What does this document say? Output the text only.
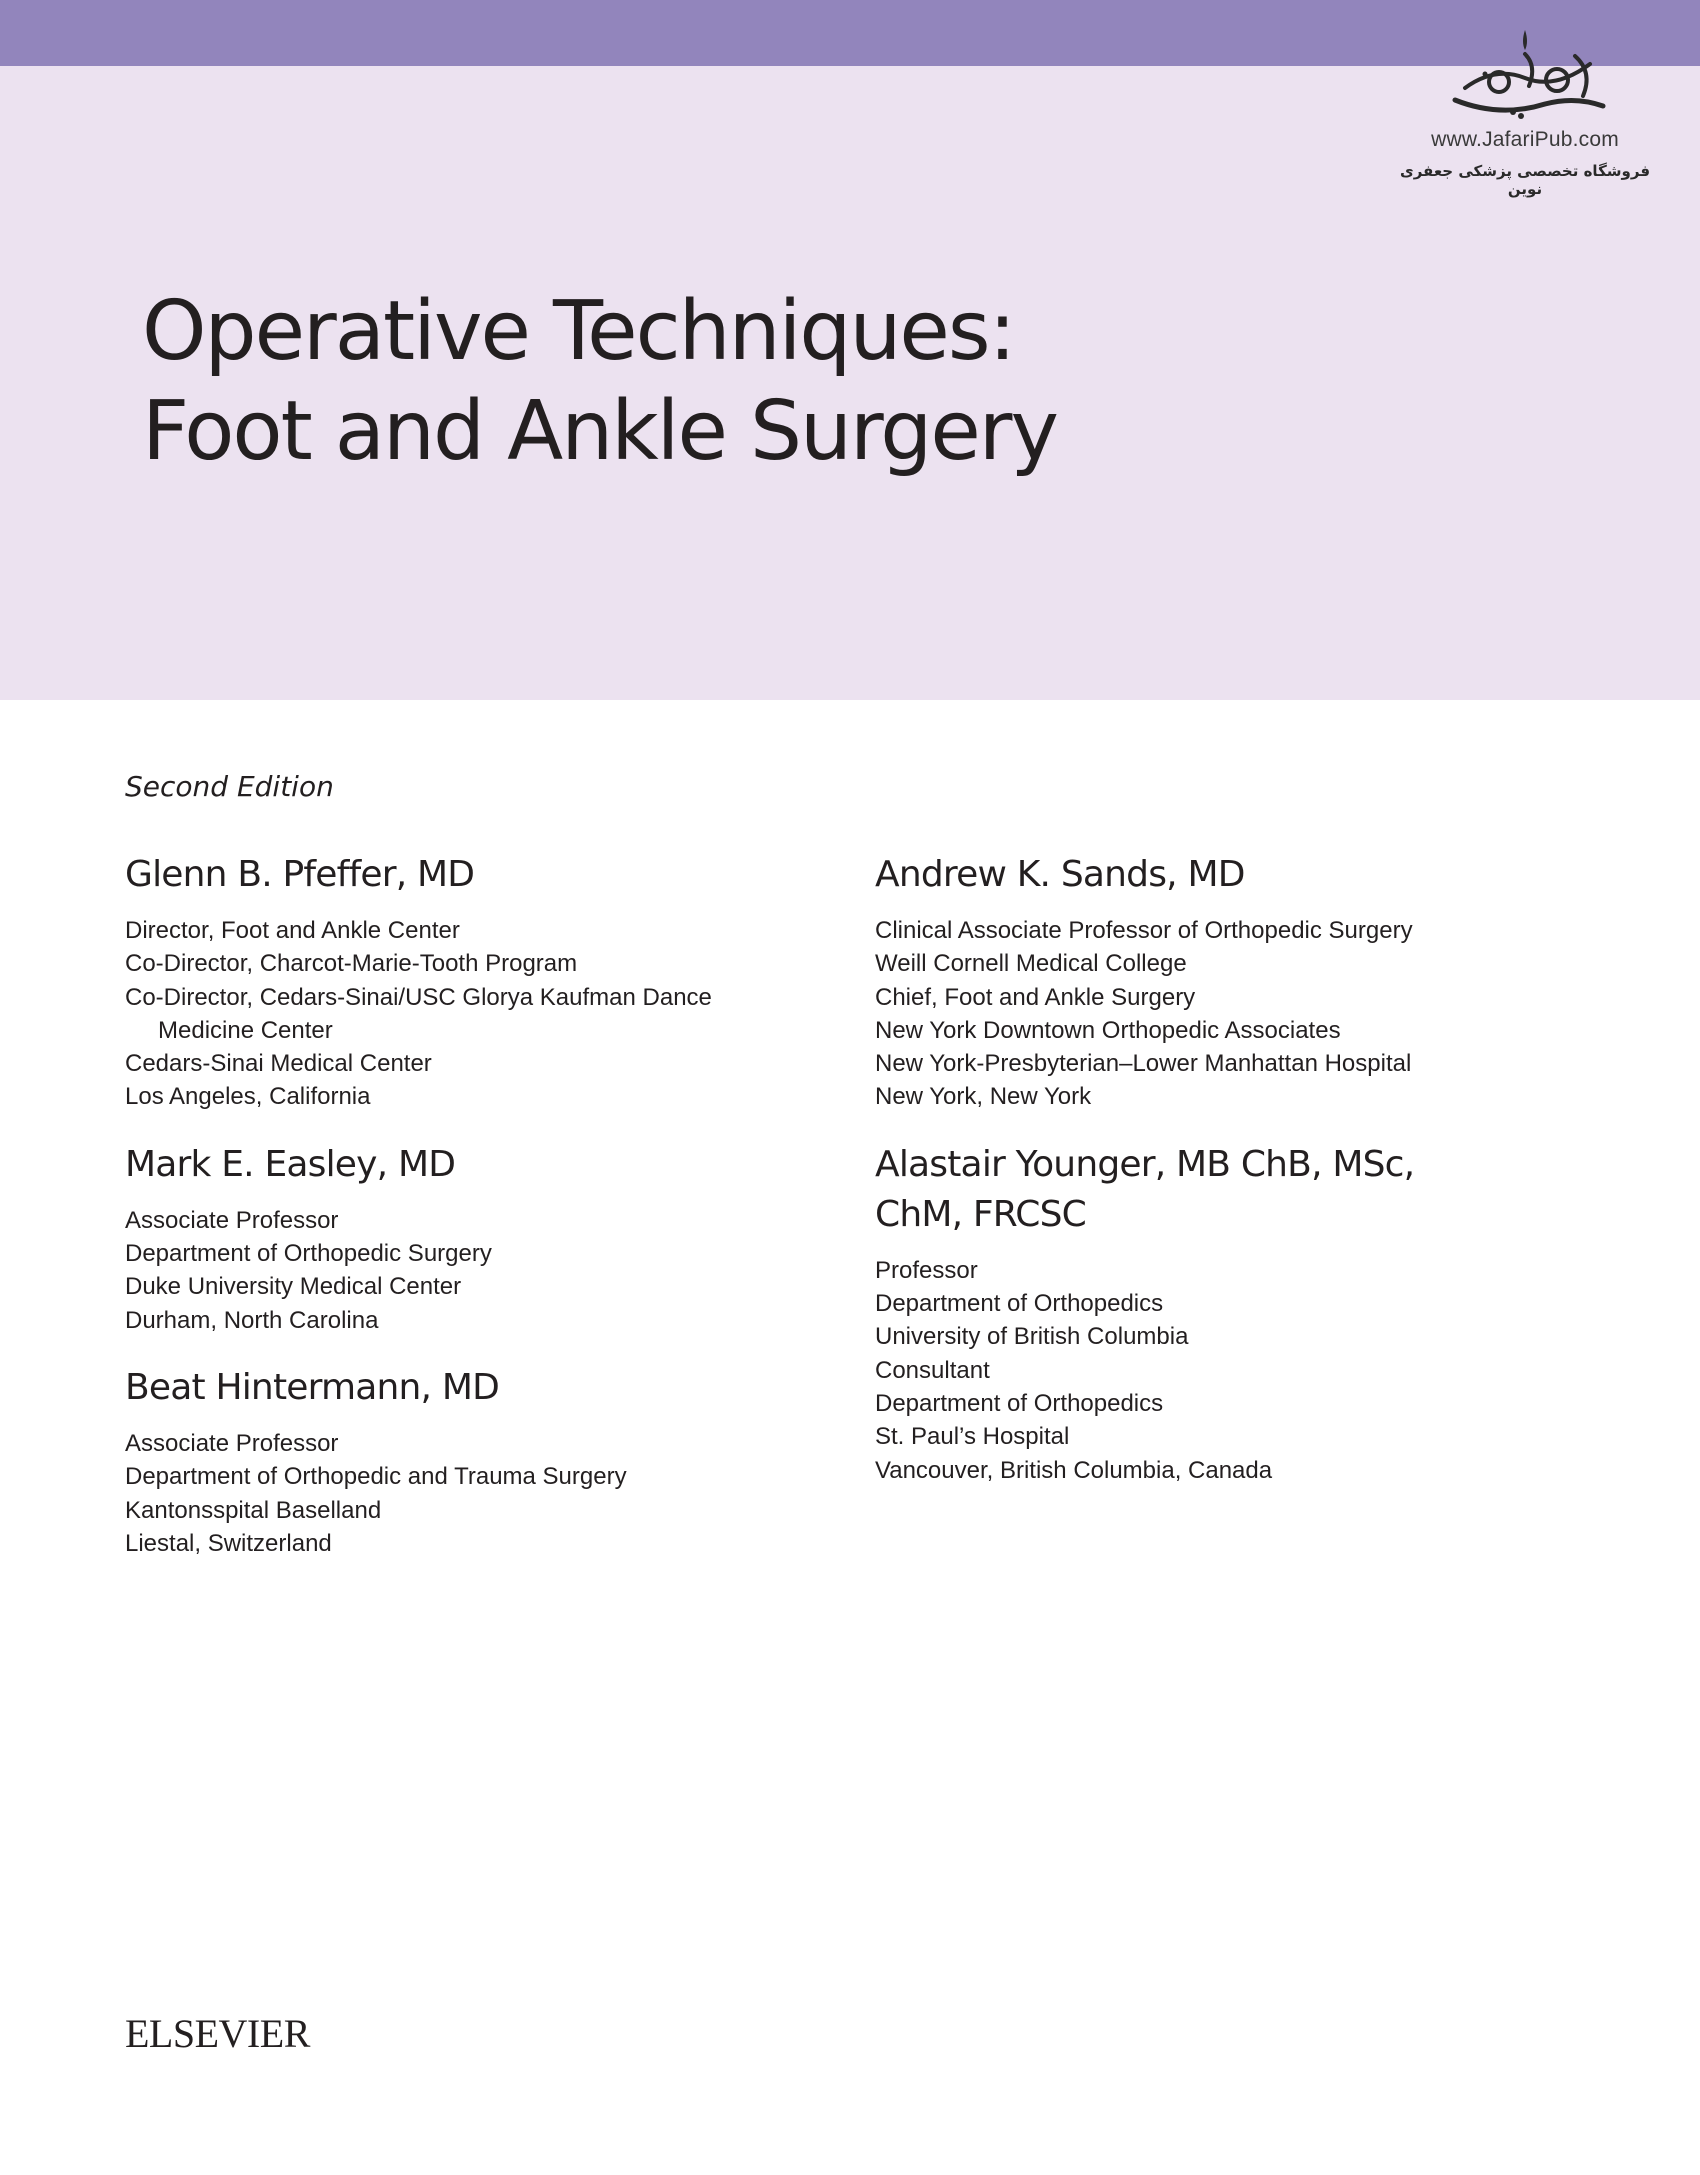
www.JafariPub.com
فروشگاه تخصصی پزشکی جعفری نوین
Operative Techniques:
Foot and Ankle Surgery
Second Edition
Glenn B. Pfeffer, MD
Director, Foot and Ankle Center
Co-Director, Charcot-Marie-Tooth Program
Co-Director, Cedars-Sinai/USC Glorya Kaufman Dance
Medicine Center
Cedars-Sinai Medical Center
Los Angeles, California
Mark E. Easley, MD
Associate Professor
Department of Orthopedic Surgery
Duke University Medical Center
Durham, North Carolina
Beat Hintermann, MD
Associate Professor
Department of Orthopedic and Trauma Surgery
Kantonsspital Baselland
Liestal, Switzerland
Andrew K. Sands, MD
Clinical Associate Professor of Orthopedic Surgery
Weill Cornell Medical College
Chief, Foot and Ankle Surgery
New York Downtown Orthopedic Associates
New York-Presbyterian–Lower Manhattan Hospital
New York, New York
Alastair Younger, MB ChB, MSc,
ChM, FRCSC
Professor
Department of Orthopedics
University of British Columbia
Consultant
Department of Orthopedics
St. Paul’s Hospital
Vancouver, British Columbia, Canada
ELSEVIER
